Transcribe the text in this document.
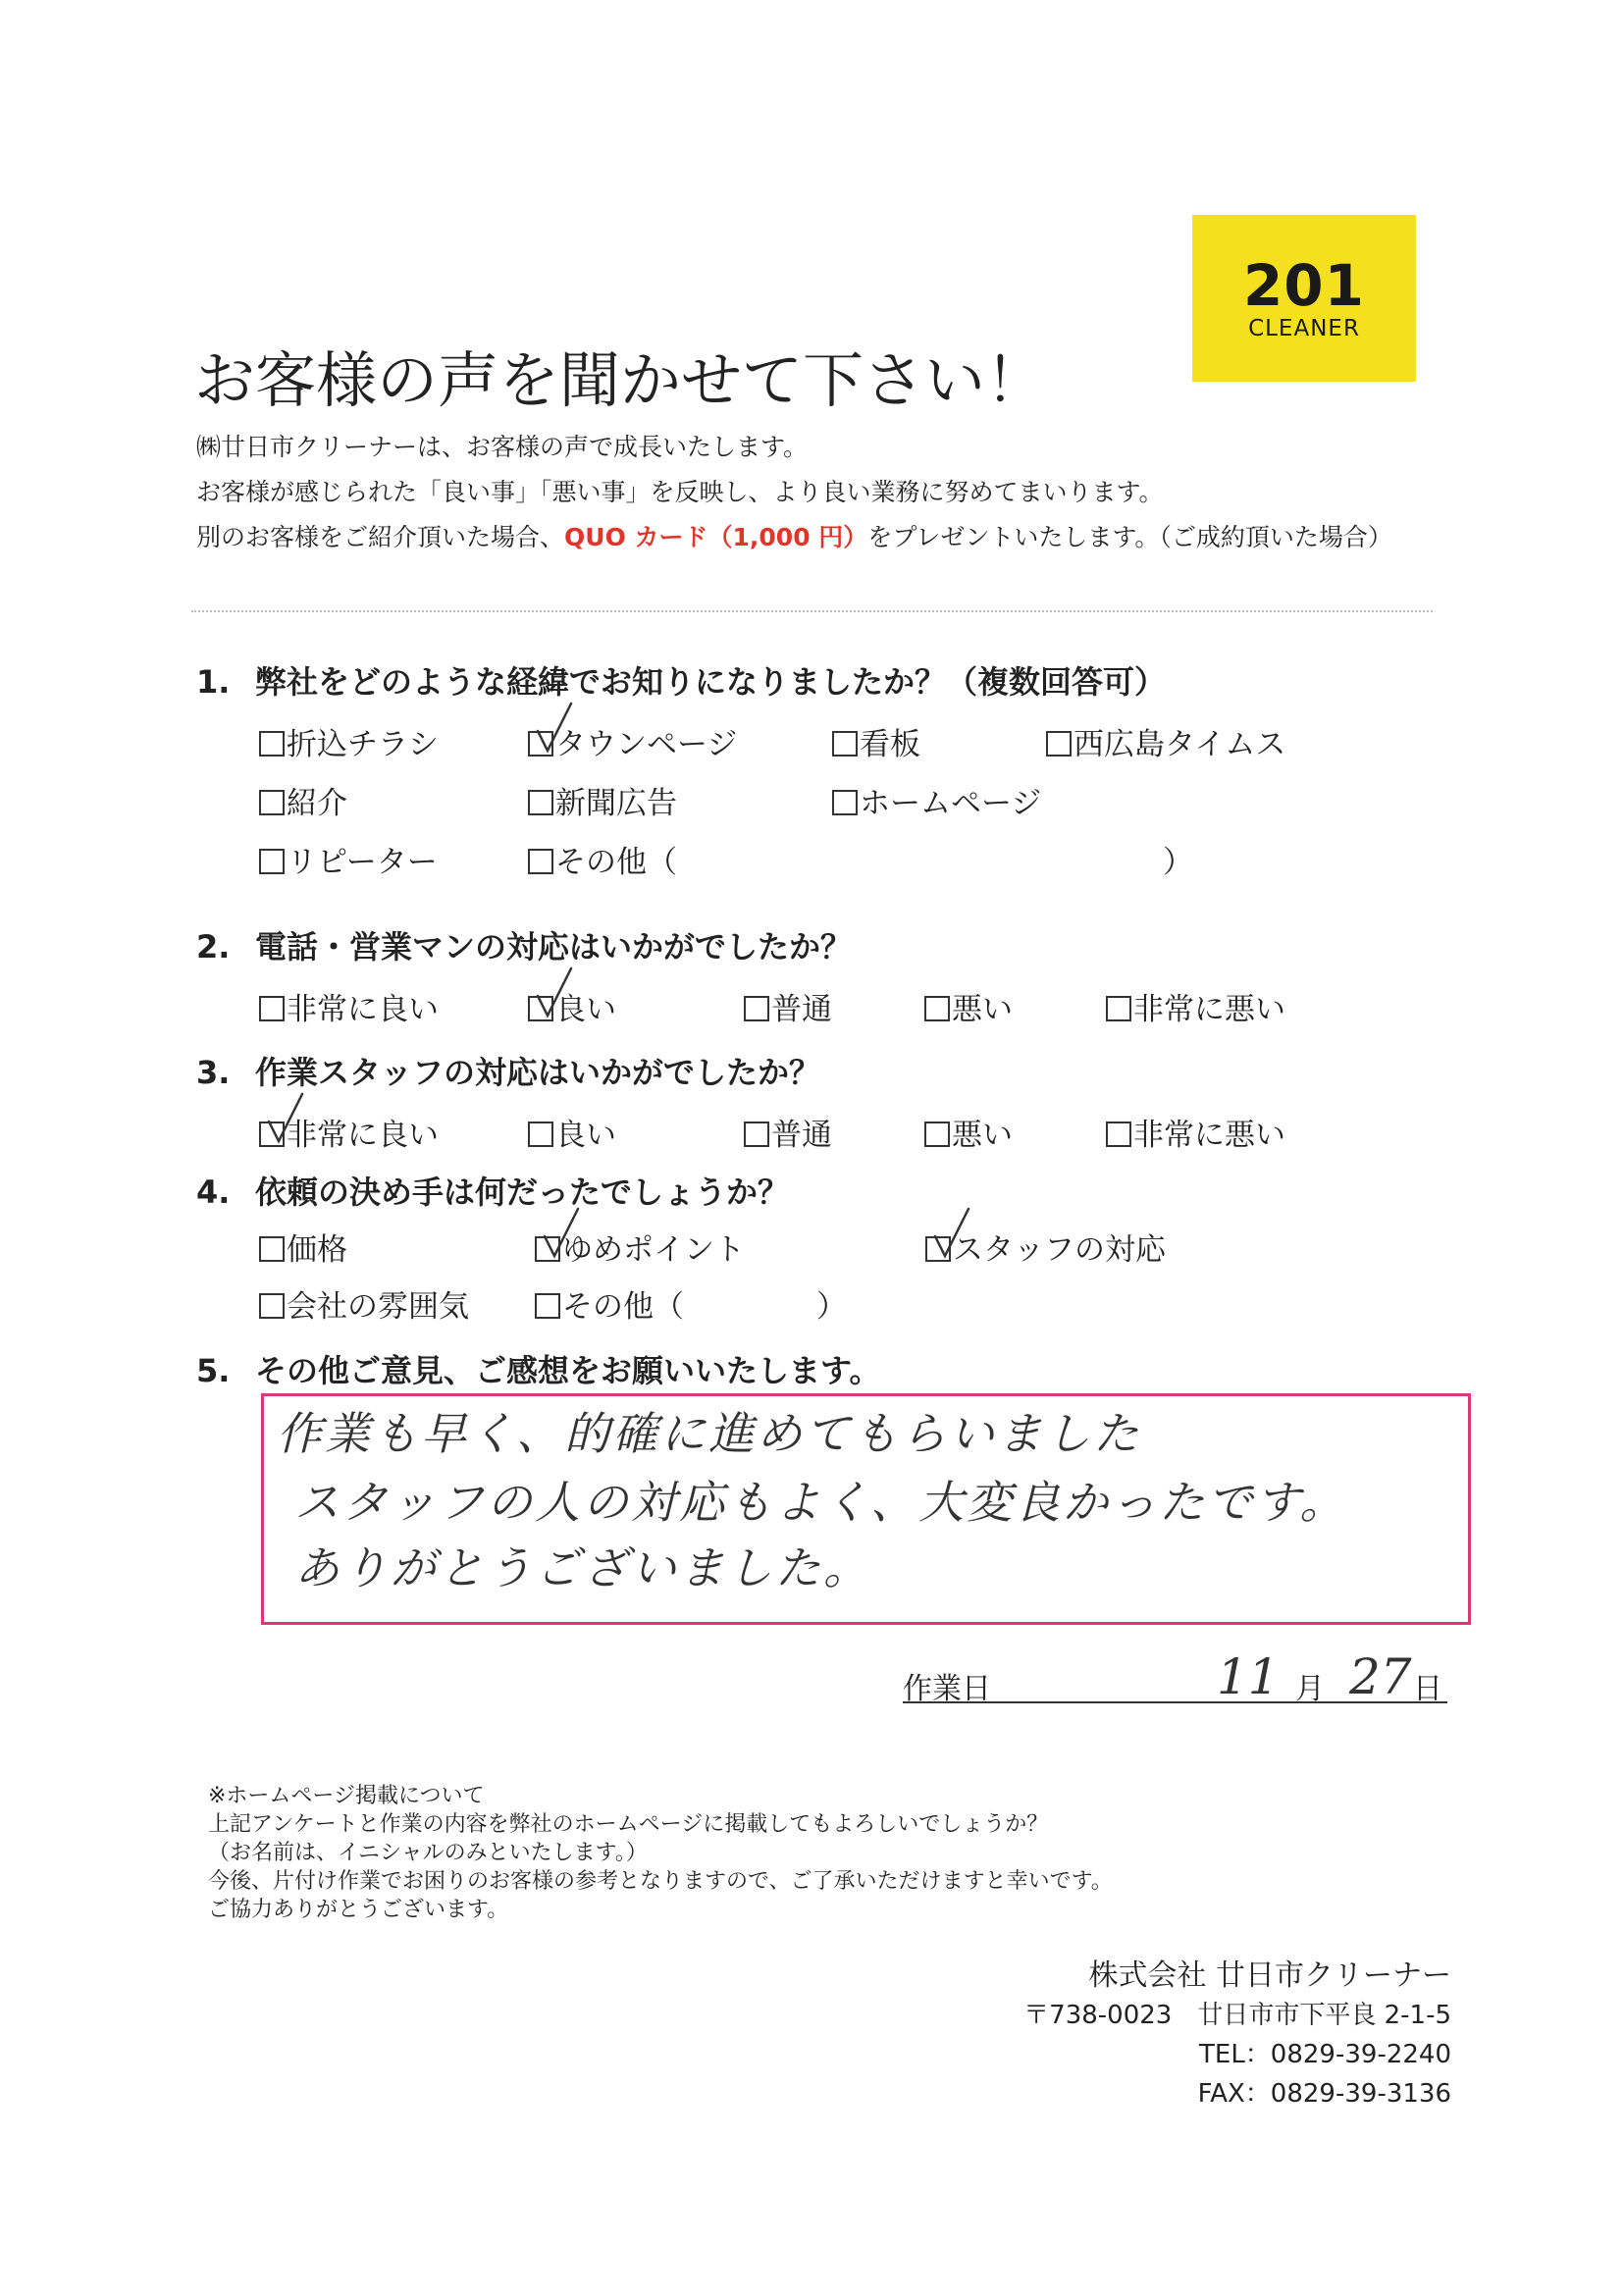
201
CLEANER
お客様の声を聞かせて下さい！
㈱廿日市クリーナーは、お客様の声で成長いたします。
お客様が感じられた「良い事」「悪い事」を反映し、より良い業務に努めてまいります。
別のお客様をご紹介頂いた場合、QUO カード（1,000 円）をプレゼントいたします。（ご成約頂いた場合）
1. 弊社をどのような経緯でお知りになりましたか？（複数回答可）
折込チラシ	タウンページ	看板	西広島タイムス
紹介	新聞広告	ホームページ
リピーター	その他（	）
2. 電話・営業マンの対応はいかがでしたか？
非常に良い	良い	普通	悪い	非常に悪い
3. 作業スタッフの対応はいかがでしたか？
非常に良い	良い	普通	悪い	非常に悪い
4. 依頼の決め手は何だったでしょうか？
価格	ゆめポイント	スタッフの対応
会社の雰囲気	その他（	）
5. その他ご意見、ご感想をお願いいたします。
作業も早く、的確に進めてもらいました
スタッフの人の対応もよく、大変良かったです。
ありがとうございました。
作業日	11 月 27 日
※ホームページ掲載について
上記アンケートと作業の内容を弊社のホームページに掲載してもよろしいでしょうか？
（お名前は、イニシャルのみといたします。）
今後、片付け作業でお困りのお客様の参考となりますので、ご了承いただけますと幸いです。
ご協力ありがとうございます。
株式会社 廿日市クリーナー
〒738-0023　廿日市市下平良 2-1-5
TEL：0829-39-2240
FAX：0829-39-3136
